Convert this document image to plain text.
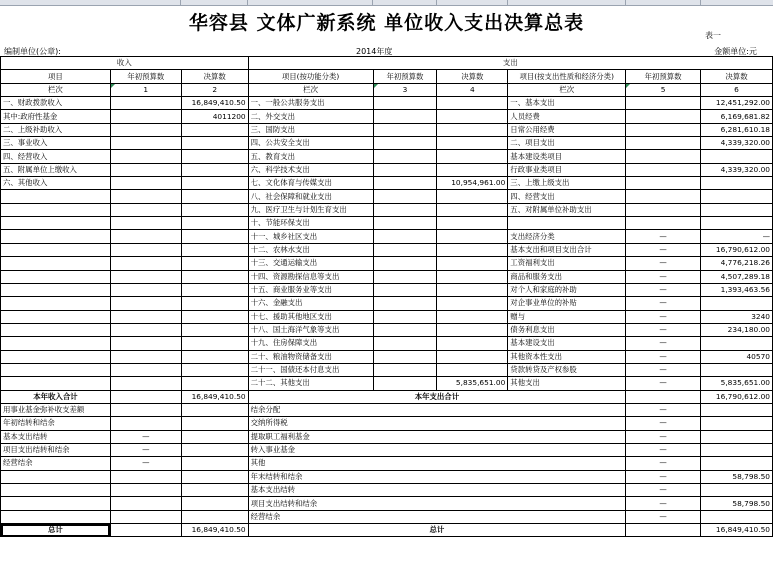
华容县 文体广新系统 单位收入支出决算总表
表一
编制单位(公章):	2014年度	金额单位:元
收入			支出					
项目	年初预算数	决算数	项目(按功能分类)	年初预算数	决算数	项目(按支出性质和经济分类)	年初预算数	决算数
栏次	1	2	栏次	3	4	栏次	5	6
一、财政拨款收入		16,849,410.50	一、一般公共服务支出			一、基本支出		12,451,292.00
其中:政府性基金		4011200	二、外交支出			人员经费		6,169,681.82
二、上级补助收入			三、国防支出			日常公用经费		6,281,610.18
三、事业收入			四、公共安全支出			二、项目支出		4,339,320.00
四、经营收入			五、教育支出			基本建设类项目		
五、附属单位上缴收入			六、科学技术支出			行政事业类项目		4,339,320.00
六、其他收入			七、文化体育与传媒支出		10,954,961.00	三、上缴上级支出		
			八、社会保障和就业支出			四、经营支出		
			九、医疗卫生与计划生育支出			五、对附属单位补助支出		
			十、节能环保支出					
			十一、城乡社区支出			支出经济分类	—	—
			十二、农林水支出			基本支出和项目支出合计	—	16,790,612.00
			十三、交通运输支出			工资福利支出	—	4,776,218.26
			十四、资源勘探信息等支出			商品和服务支出	—	4,507,289.18
			十五、商业服务业等支出			对个人和家庭的补助	—	1,393,463.56
			十六、金融支出			对企事业单位的补贴	—	
			十七、援助其他地区支出			赠与	—	3240
			十八、国土海洋气象等支出			债务利息支出	—	234,180.00
			十九、住房保障支出			基本建设支出	—	
			二十、粮油物资储备支出			其他资本性支出	—	40570
			二十一、国债还本付息支出			贷款转贷及产权参股	—	
			二十二、其他支出		5,835,651.00	其他支出	—	5,835,651.00
本年收入合计		16,849,410.50	本年支出合计					16,790,612.00
用事业基金弥补收支差额			结余分配				—	
年初结转和结余			交纳所得税				—	
基本支出结转	—		提取职工福利基金				—	
项目支出结转和结余	—		转入事业基金				—	
经营结余	—		其他				—	
			年末结转和结余				—	58,798.50
			基本支出结转				—	
			项目支出结转和结余				—	58,798.50
			经营结余				—	
总计		16,849,410.50	总计					16,849,410.50
